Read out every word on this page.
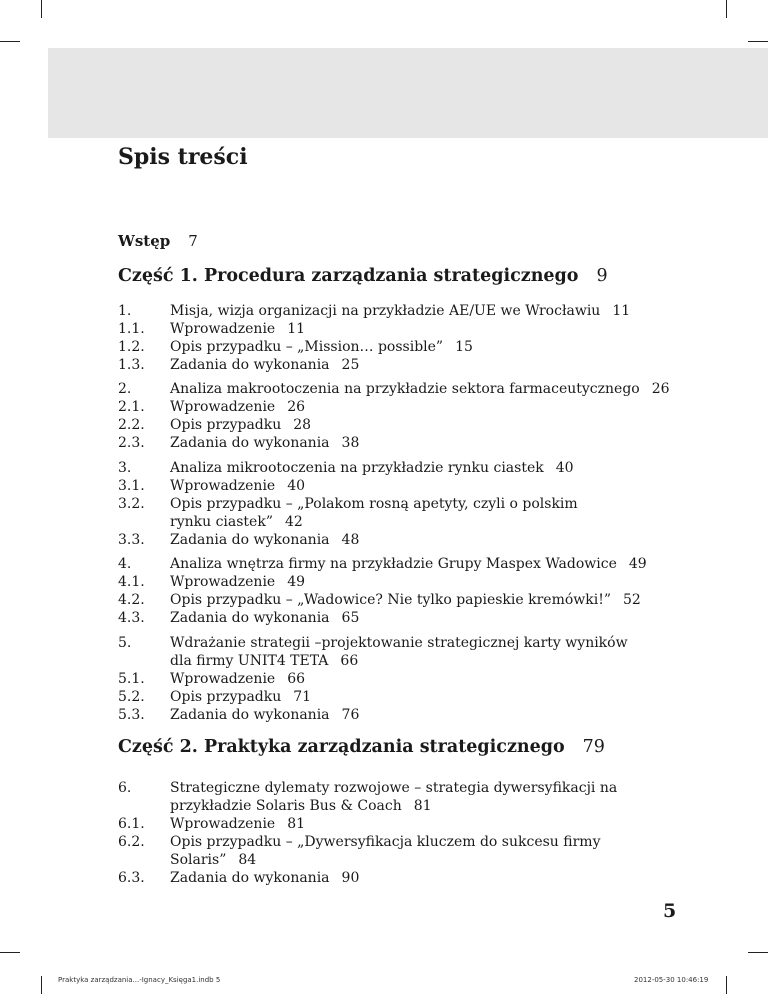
Spis treści
Wstęp 7
Część 1. Procedura zarządzania strategicznego 9
1.	Misja, wizja organizacji na przykładzie AE/UE we Wrocławiu 11
1.1.	Wprowadzenie 11
1.2.	Opis przypadku – „Mission… possible” 15
1.3.	Zadania do wykonania 25
2.	Analiza makrootoczenia na przykładzie sektora farmaceutycznego 26
2.1.	Wprowadzenie 26
2.2.	Opis przypadku 28
2.3.	Zadania do wykonania 38
3.	Analiza mikrootoczenia na przykładzie rynku ciastek 40
3.1.	Wprowadzenie 40
3.2.	Opis przypadku – „Polakom rosną apetyty, czyli o polskim rynku ciastek” 42
3.3.	Zadania do wykonania 48
4.	Analiza wnętrza firmy na przykładzie Grupy Maspex Wadowice 49
4.1.	Wprowadzenie 49
4.2.	Opis przypadku – „Wadowice? Nie tylko papieskie kremówki!” 52
4.3.	Zadania do wykonania 65
5.	Wdrażanie strategii –projektowanie strategicznej karty wyników dla firmy UNIT4 TETA 66
5.1.	Wprowadzenie 66
5.2.	Opis przypadku 71
5.3.	Zadania do wykonania 76
Część 2. Praktyka zarządzania strategicznego 79
6.	Strategiczne dylematy rozwojowe – strategia dywersyfikacji na przykładzie Solaris Bus & Coach 81
6.1.	Wprowadzenie 81
6.2.	Opis przypadku – „Dywersyfikacja kluczem do sukcesu firmy Solaris” 84
6.3.	Zadania do wykonania 90
5
Praktyka zarządzania...-Ignacy_Księga1.indb 5	2012-05-30 10:46:19
